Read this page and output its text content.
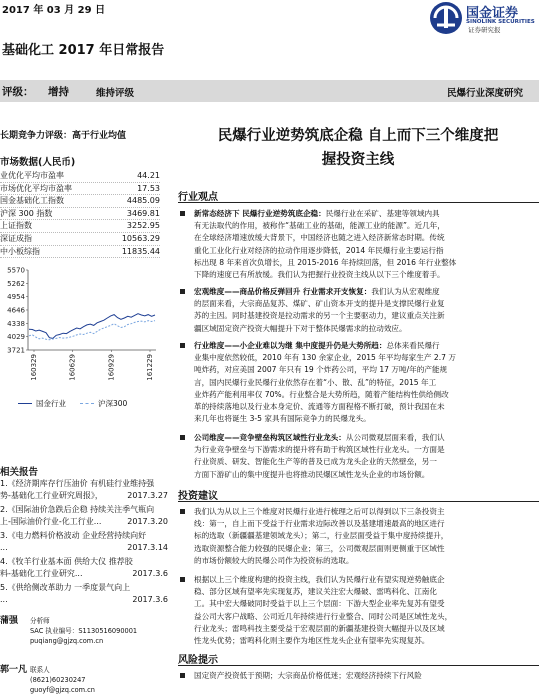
2017 年 03 月 29 日	国金证券
SINOLINK SECURITIES
证券研究报
基础化工 2017 年日常报告
评级： 增持	维持评级	民爆行业深度研究
长期竞争力评级：高于行业均值
市场数据(人民币)
业优化平均市盈率	44.21
市场优化平均市盈率	17.53
国金基础化工指数	4485.09
沪深 300 指数	3469.81
上证指数	3252.95
深证成指	10563.29
中小板综指	11835.44
5570
5262
4954
4646
4338
4029
3721
160329	160629	160929	161229
国金行业	沪深300
相关报告
1.《经济期库存行压油价 有机硅行业维持强
势-基础化工行业研究周报》，	2017.3.27
2.《国际油价急跌后企稳 持续关注季气瓶向
上-国际油价行业-化工行业...	2017.3.20
3.《电力燃料价格波动 企业经营持续向好
...	2017.3.14
4.《牧羊行业基本面 供给大仪 推荐胶
料-基础化工行业研究...	2017.3.6
5.《供给侧改革助力 一季度景气向上
...	2017.3.6
蒲强 分析师
SAC 执业编号：S1130516090001
puqiang@gjzq.com.cn
郭一凡 联系人
(8621)60230247
guoyf@gjzq.com.cn
民爆行业逆势筑底企稳 自上而下三个维度把
握投资主线
行业观点
新常态经济下 民爆行业逆势筑底企稳：民爆行业在采矿、基建等领域内具
有无法取代的作用，被称作“基础工业的基础，能源工业的能源”。近几年，
在全球经济增速放缓大背景下，中国经济也随之进入经济新常态时期。传统
重化工业化行业对经济的拉动作用逐步降低，2014 年民爆行业主要运行指
标出现 8 年来首次负增长，且 2015-2016 年持续回落，但 2016 年行业整体
下降的速度已有所放缓。我们认为把握行业投资主线从以下三个维度着手。
宏观维度——商品价格反弹回升 行业需求开支恢复：我们认为从宏观维度
的层面来看，大宗商品复苏、煤矿、矿山资本开支的提升是支撑民爆行业复
苏的主因。同时基建投资是拉动需求的另一个主要驱动力，建议重点关注新
疆区域固定资产投资大幅提升下对于整体民爆需求的拉动效应。
行业维度——小企业难以为继 集中度提升仍是大势所趋：总体来看民爆行
业集中度依然较低，2010 年有 130 余家企业，2015 年平均每家生产 2.7 万
吨炸药，对应美国 2007 年只有 19 个炸药公司，平均 17 万吨/年的产能规
言，国内民爆行业民爆行业依然存在着“小、散、乱”的特征，2015 年工
业炸药产能利用率仅 70%。行业整合是大势所趋，随着产能结构性供给侧改
革的持续落地以及行业本身定价、流通等方面程格不断打破，预计我国在未
来几年也将诞生 3-5 家具有国际竞争力的民爆龙头。
公司维度——竞争壁垒构筑区域性行业龙头：从公司微观层面来看，我们认
为行业竞争壁垒与下游需求的提升将有助于构筑区域性行业龙头。一方面是
行业资质、研发、智能化生产等的普及已成为龙头企业的天然壁垒，另一
方面下游矿山的集中度提升也将推动民爆区域性龙头企业的市场份额。
投资建议
我们认为从以上三个维度对民爆行业进行梳理之后可以得到以下三条投资主
线：第一，自上而下受益于行业需求边际改善以及基建增速最高的地区进行
标的选取（新疆疆基建领域龙头）；第二，行业层面受益于集中度持续提升，
选取资源整合能力较强的民爆企业；第三，公司微观层面则更侧重于区域性
的市场份额较大的民爆公司作为投资标的选取。
根据以上三个维度构建的投资主线，我们认为民爆行业有望实现逆势触底企
稳、部分区域有望率先实现复苏，建议关注宏大爆破、雷鸣科化、江南化
工。其中宏大爆破同时受益于以上三个层面：下游大型企业率先复苏有望受
益公司大客户战略、公司近几年持续进行行业整合、同时公司是区域性龙头，
行业龙头；雷鸣科技主要受益于宏观层面的新疆基建投资大幅提升以及区域
性龙头优势；雷鸣科化则主要作为地区性龙头企业有望率先实现复苏。
风险提示
国定资产投资低于预期；大宗商品价格低迷；宏观经济持续下行风险
